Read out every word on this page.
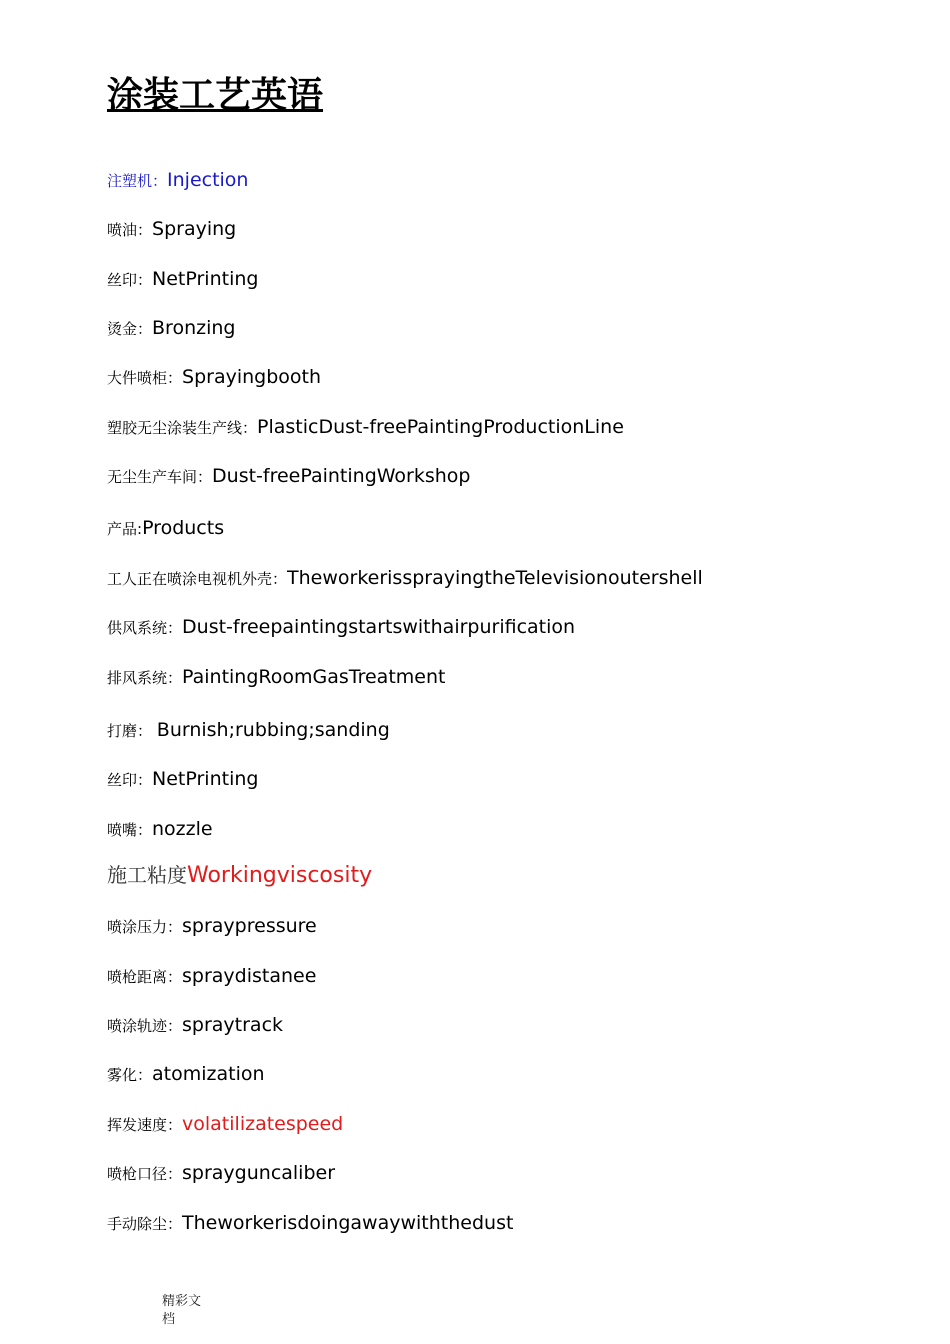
涂装工艺英语
注塑机：Injection
喷油：Spraying
丝印：NetPrinting
烫金：Bronzing
大件喷柜：Sprayingbooth
塑胶无尘涂装生产线：PlasticDust-freePaintingProductionLine
无尘生产车间：Dust-freePaintingWorkshop
产品:Products
工人正在喷涂电视机外壳：TheworkerissprayingtheTelevisionoutershell
供风系统：Dust-freepaintingstartswithairpurification
排风系统：PaintingRoomGasTreatment
打磨： Burnish;rubbing;sanding
丝印：NetPrinting
喷嘴：nozzle
施工粘度Workingviscosity
喷涂压力：spraypressure
喷枪距离：spraydistanee
喷涂轨迹：spraytrack
雾化：atomization
挥发速度：volatilizatespeed
喷枪口径：sprayguncaliber
手动除尘：Theworkerisdoingawaywiththedust
精彩文档
